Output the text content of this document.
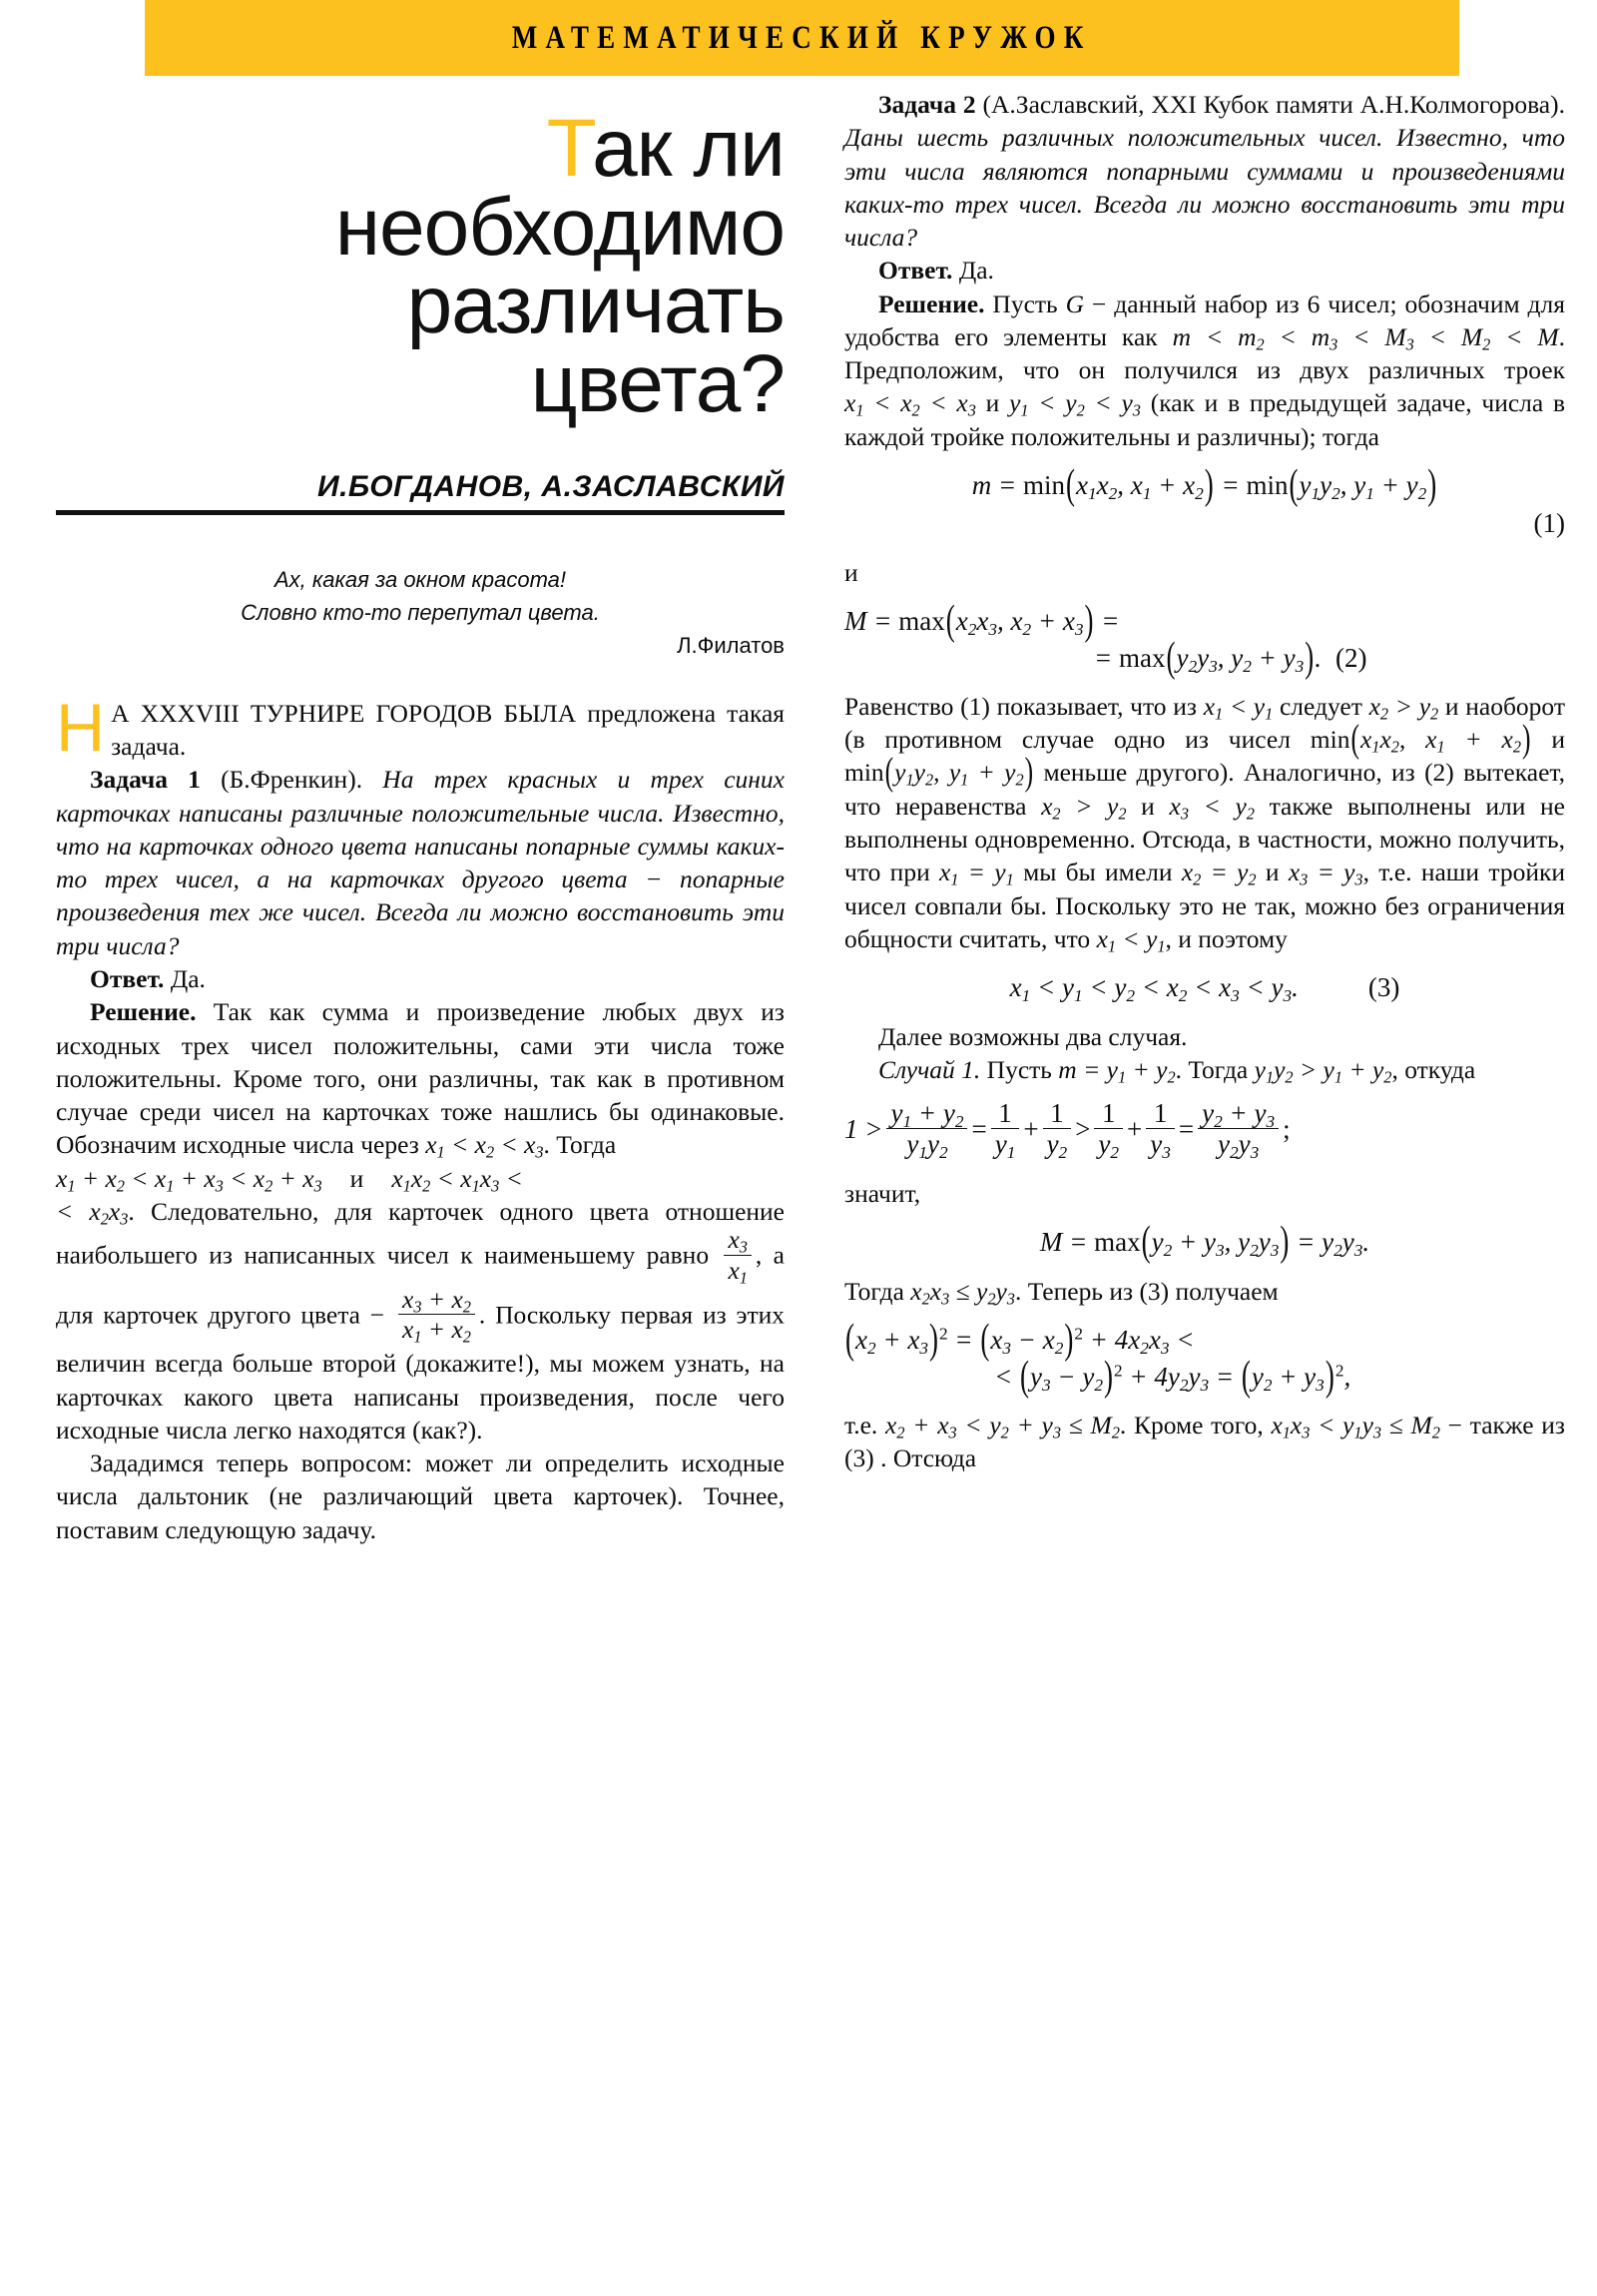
МАТЕМАТИЧЕСКИЙ КРУЖОК
Так ли
необходимо
различать
цвета?
И.БОГДАНОВ, А.ЗАСЛАВСКИЙ
Ах, какая за окном красота!
Словно кто-то перепутал цвета.
Л.Филатов

Н А XXXVIII ТУРНИРЕ ГОРОДОВ БЫЛА предложена такая задача.

Задача 1 (Б.Френкин). На трех красных и трех синих карточках написаны различные положительные числа. Известно, что на карточках одного цвета написаны попарные суммы каких-то трех чисел, а на карточках другого цвета − попарные произведения тех же чисел. Всегда ли можно восстановить эти три числа?

Ответ. Да.

Решение. Так как сумма и произведение любых двух из исходных трех чисел положительны, сами эти числа тоже положительны. Кроме того, они различны, так как в противном случае среди чисел на карточках тоже нашлись бы одинаковые. Обозначим исходные числа через $x_1 < x_2 < x_3$. Тогда

$x_1 + x_2 < x_1 + x_3 < x_2 + x_3$ и $x_1x_2 < x_1x_3$ <

< $x_2x_3$. Следовательно, для карточек одного цвета отношение наибольшего из написанных чисел к наименьшему равно $\frac{x_3}{x_1}$ , а для карточек другого цвета − $\frac{x_3 + x_2}{x_1 + x_2}$ . Поскольку первая из этих величин всегда больше второй (докажите!), мы можем узнать, на карточках какого цвета написаны произведения, после чего исходные числа легко находятся (как?).

Зададимся теперь вопросом: может ли определить исходные числа дальтоник (не различающий цвета карточек). Точнее, поставим следующую задачу.

Задача 2 (А.Заславский, XXI Кубок памяти А.Н.Колмогорова). Даны шесть различных положительных чисел. Известно, что эти числа являются попарными суммами и произведениями каких-то трех чисел. Всегда ли можно восстановить эти три числа?

Ответ. Да.

Решение. Пусть G − данный набор из 6 чисел; обозначим для удобства его элементы как $m < m_2 < m_3 < M_3 < M_2 < M$. Предположим, что он получился из двух различных троек $x_1 < x_2 < x_3$ и $y_1 < y_2 < y_3$ (как и в предыдущей задаче, числа в каждой тройке положительны и различны); тогда

$m = \min(x_1x_2$, $x_1 + x_2) = \min(y_1y_2$, $y_1 + y_2$)
(1)

и

$M = \max(x_2x_3$, $x_2 + x_3$) =
= $\max(y_2y_3$, $y_2 + y_3$). (2)

Равенство (1) показывает, что из $x_1 < y_1$ следует $x_2 > y_2$ и наоборот (в противном случае одно из чисел $\min(x_1x_2$, $x_1 + x_2$) и $\min(y_1y_2$, $y_1 + y_2$) меньше другого). Аналогично, из (2) вытекает, что неравенства $x_2 > y_2$ и $x_3 < y_2$ также выполнены или не выполнены одновременно. Отсюда, в частности, можно получить, что при $x_1 = y_1$ мы бы имели $x_2 = y_2$ и $x_3 = y_3$, т.е. наши тройки чисел совпали бы. Поскольку это не так, можно без ограничения общности считать, что $x_1 < y_1$, и поэтому

$x_1 < y_1 < y_2 < x_2 < x_3 < y_3$.	(3)

Далее возможны два случая.

Случай 1. Пусть $m = y_1 + y_2$. Тогда $y_1y_2 > y_1 + y_2$, откуда

$1 > \frac{y_1 + y_2}{y_1y_2} = \frac{1}{y_1} + \frac{1}{y_2} > \frac{1}{y_2} + \frac{1}{y_3} = \frac{y_2 + y_3}{y_2y_3}$ ;

значит,

$M = \max(y_2 + y_3$, $y_2y_3) = y_2y_3$.

Тогда $x_2x_3 \le y_2y_3$. Теперь из (3) получаем

$(x_2 + x_3)^2 = (x_3 - x_2)^2 + 4x_2x_3$ <
< $(y_3 - y_2)^2 + 4y_2y_3 = (y_2 + y_3)^2$,

т.е. $x_2 + x_3 < y_2 + y_3 \le M_2$. Кроме того, $x_1x_3 < y_1y_3 \le M_2$ − также из (3) . Отсюда
